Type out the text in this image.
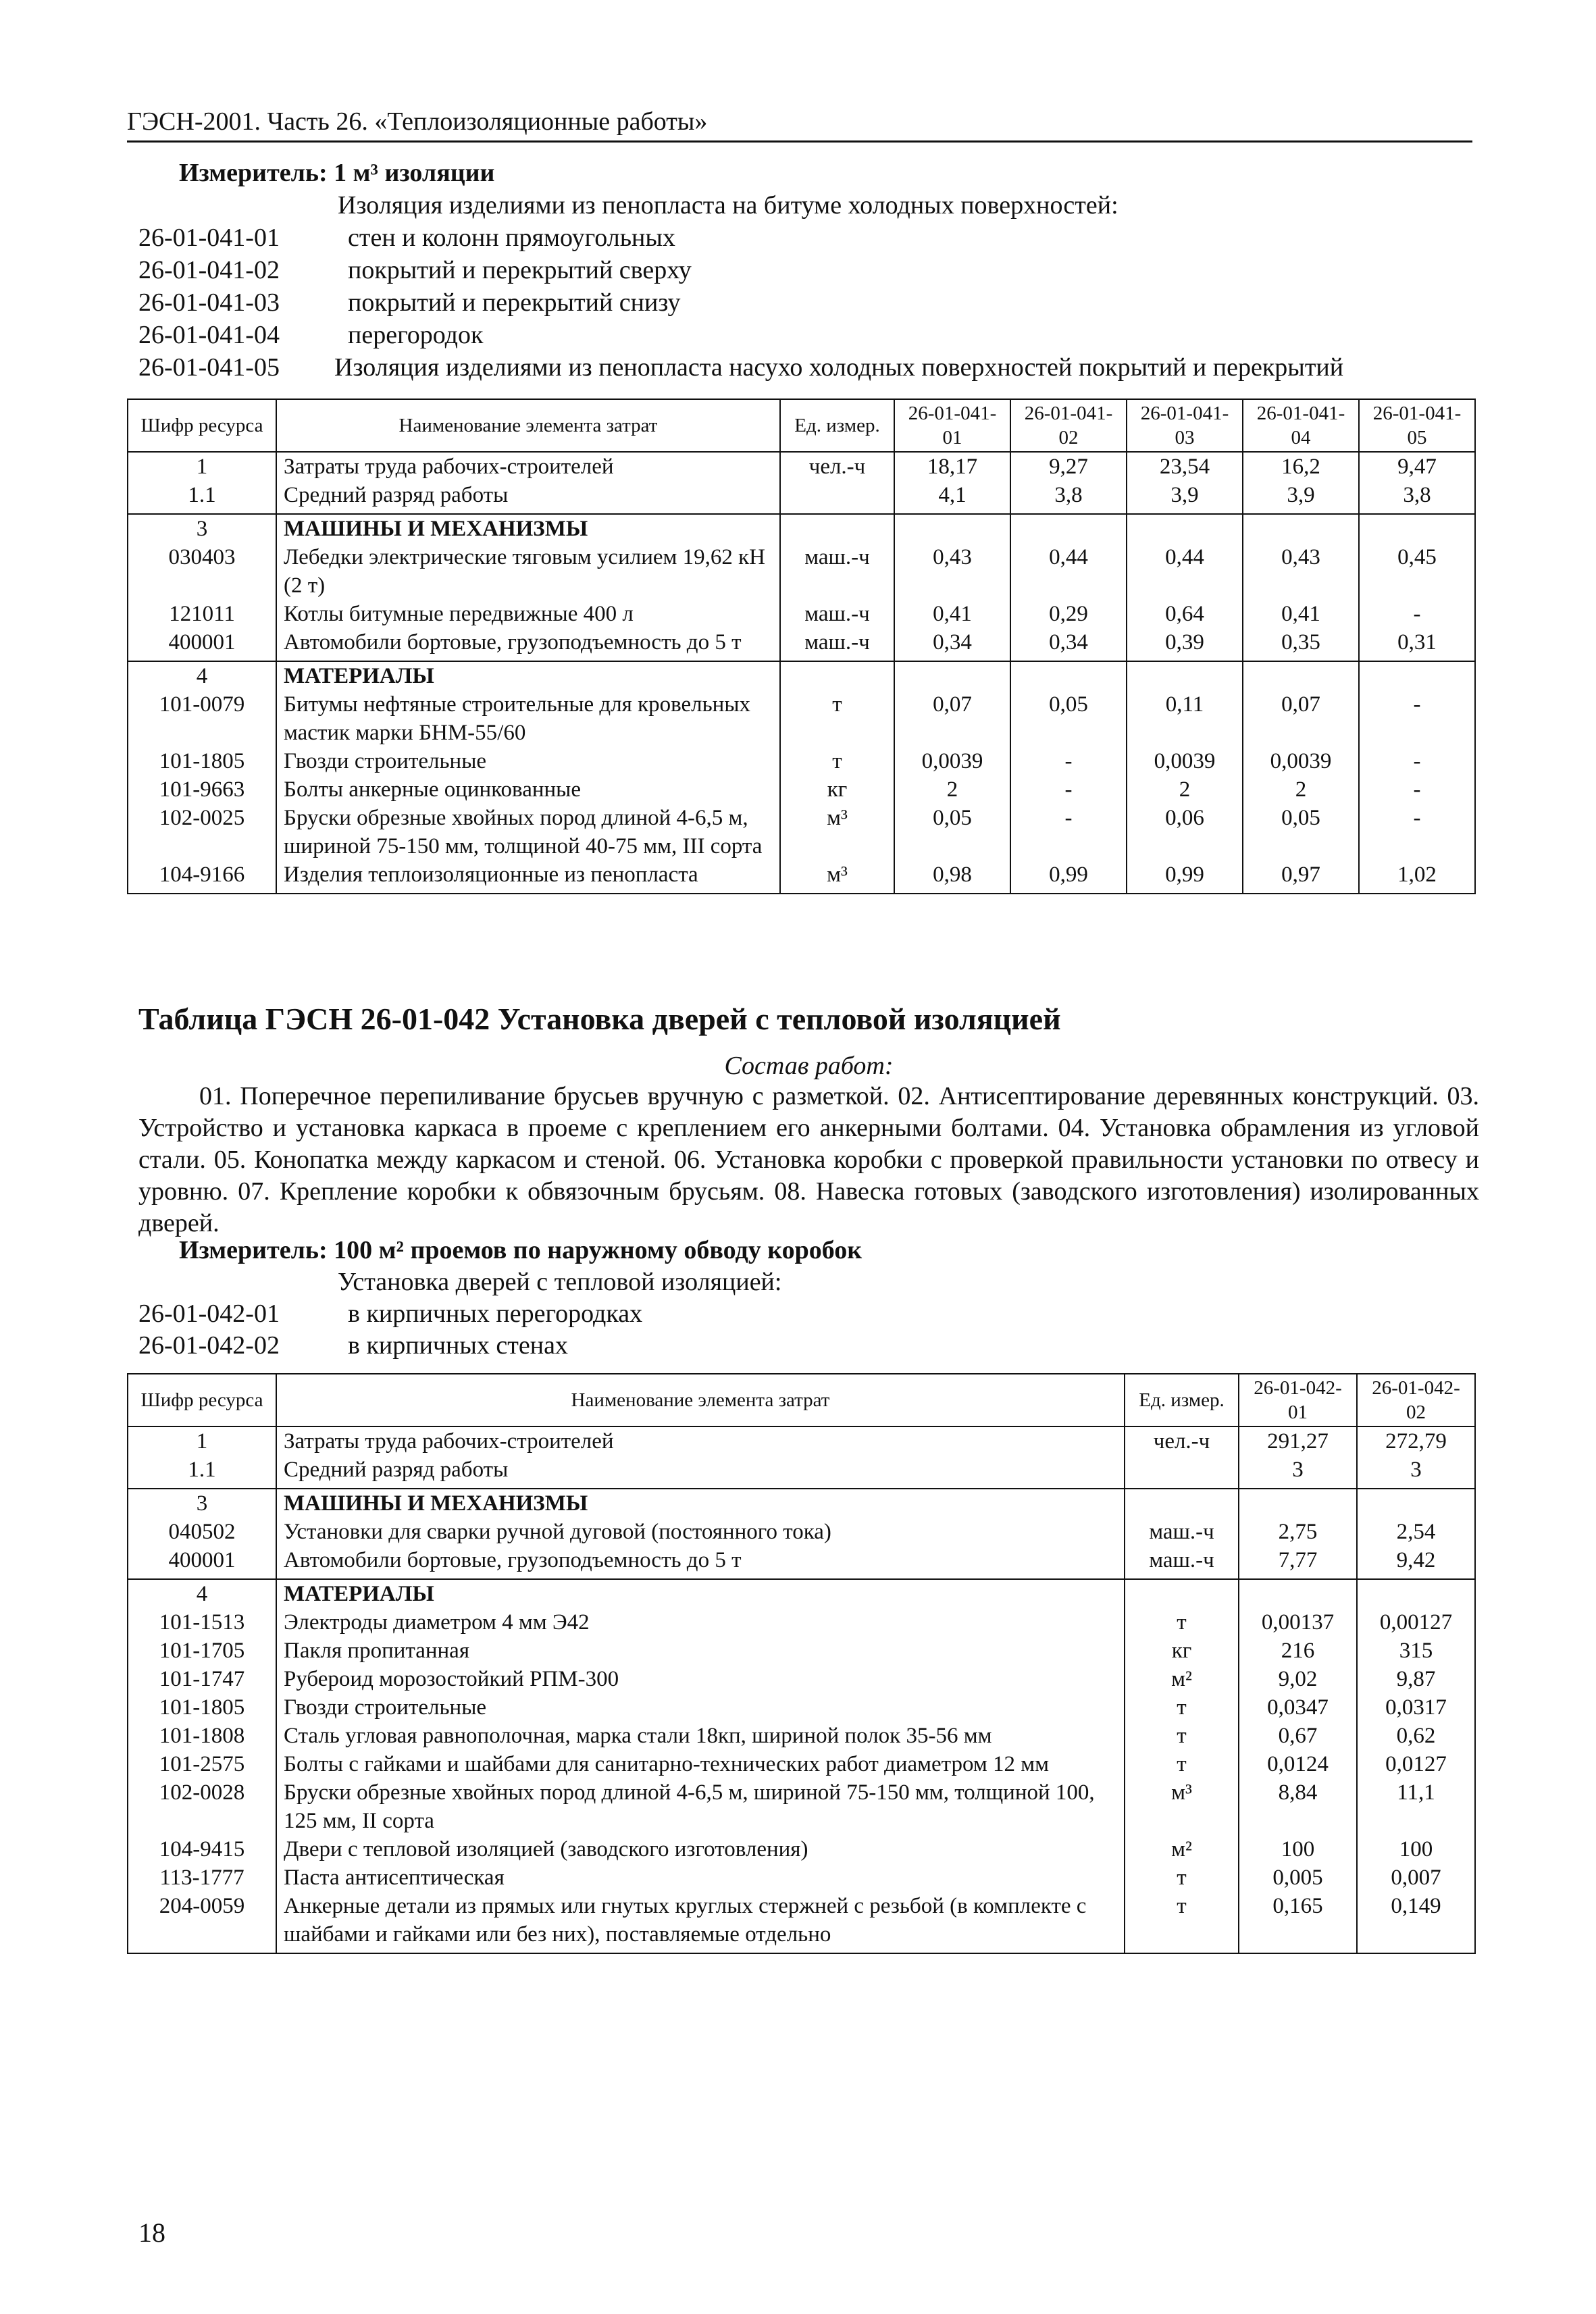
ГЭСН-2001. Часть 26. «Теплоизоляционные работы»
Измеритель: 1 м³ изоляции
Изоляция изделиями из пенопласта на битуме холодных поверхностей:
26-01-041-01	стен и колонн прямоугольных
26-01-041-02	покрытий и перекрытий сверху
26-01-041-03	покрытий и перекрытий снизу
26-01-041-04	перегородок
26-01-041-05	Изоляция изделиями из пенопласта насухо холодных поверхностей покрытий и перекрытий
Шифр ресурса	Наименование элемента затрат	Ед. измер.	26-01-041-01	26-01-041-02	26-01-041-03	26-01-041-04	26-01-041-05
1	Затраты труда рабочих-строителей	чел.-ч	18,17	9,27	23,54	16,2	9,47
1.1	Средний разряд работы		4,1	3,8	3,9	3,9	3,8
3	МАШИНЫ И МЕХАНИЗМЫ						
030403	Лебедки электрические тяговым усилием 19,62 кН (2 т)	маш.-ч	0,43	0,44	0,44	0,43	0,45
121011	Котлы битумные передвижные 400 л	маш.-ч	0,41	0,29	0,64	0,41	-
400001	Автомобили бортовые, грузоподъемность до 5 т	маш.-ч	0,34	0,34	0,39	0,35	0,31
4	МАТЕРИАЛЫ						
101-0079	Битумы нефтяные строительные для кровельных мастик марки БНМ-55/60	т	0,07	0,05	0,11	0,07	-
101-1805	Гвозди строительные	т	0,0039	-	0,0039	0,0039	-
101-9663	Болты анкерные оцинкованные	кг	2	-	2	2	-
102-0025	Бруски обрезные хвойных пород длиной 4-6,5 м, шириной 75-150 мм, толщиной 40-75 мм, III сорта	м³	0,05	-	0,06	0,05	-
104-9166	Изделия теплоизоляционные из пенопласта	м³	0,98	0,99	0,99	0,97	1,02
Таблица ГЭСН 26-01-042 Установка дверей с тепловой изоляцией
Состав работ:
01. Поперечное перепиливание брусьев вручную с разметкой. 02. Антисептирование деревянных конструкций. 03. Устройство и установка каркаса в проеме с креплением его анкерными болтами. 04. Установка обрамления из угловой стали. 05. Конопатка между каркасом и стеной. 06. Установка коробки с проверкой правильности установки по отвесу и уровню. 07. Крепление коробки к обвязочным брусьям. 08. Навеска готовых (заводского изготовления) изолированных дверей.
Измеритель: 100 м² проемов по наружному обводу коробок
Установка дверей с тепловой изоляцией:
26-01-042-01	в кирпичных перегородках
26-01-042-02	в кирпичных стенах
Шифр ресурса	Наименование элемента затрат	Ед. измер.	26-01-042-01	26-01-042-02
1	Затраты труда рабочих-строителей	чел.-ч	291,27	272,79
1.1	Средний разряд работы		3	3
3	МАШИНЫ И МЕХАНИЗМЫ			
040502	Установки для сварки ручной дуговой (постоянного тока)	маш.-ч	2,75	2,54
400001	Автомобили бортовые, грузоподъемность до 5 т	маш.-ч	7,77	9,42
4	МАТЕРИАЛЫ			
101-1513	Электроды диаметром 4 мм Э42	т	0,00137	0,00127
101-1705	Пакля пропитанная	кг	216	315
101-1747	Рубероид морозостойкий РПМ-300	м²	9,02	9,87
101-1805	Гвозди строительные	т	0,0347	0,0317
101-1808	Сталь угловая равнополочная, марка стали 18кп, шириной полок 35-56 мм	т	0,67	0,62
101-2575	Болты с гайками и шайбами для санитарно-технических работ диаметром 12 мм	т	0,0124	0,0127
102-0028	Бруски обрезные хвойных пород длиной 4-6,5 м, шириной 75-150 мм, толщиной 100, 125 мм, II сорта	м³	8,84	11,1
104-9415	Двери с тепловой изоляцией (заводского изготовления)	м²	100	100
113-1777	Паста антисептическая	т	0,005	0,007
204-0059	Анкерные детали из прямых или гнутых круглых стержней с резьбой (в комплекте с шайбами и гайками или без них), поставляемые отдельно	т	0,165	0,149
18
